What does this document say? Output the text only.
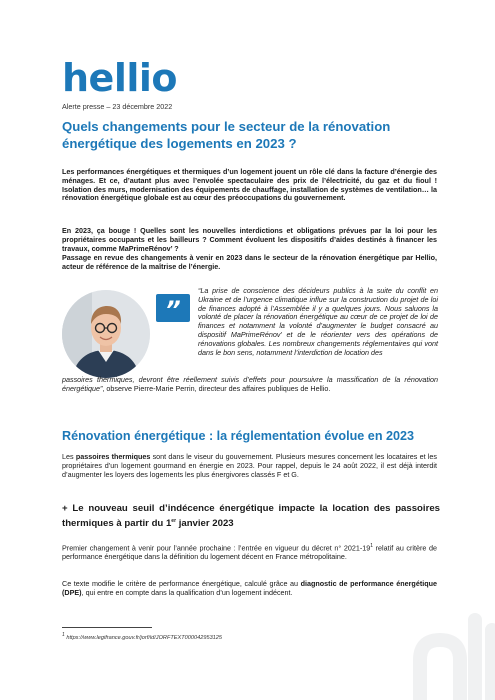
hellio
Alerte presse – 23 décembre 2022
Quels changements pour le secteur de la rénovation énergétique des logements en 2023 ?
Les performances énergétiques et thermiques d’un logement jouent un rôle clé dans la facture d’énergie des ménages. Et ce, d’autant plus avec l’envolée spectaculaire des prix de l’électricité, du gaz et du fioul ! Isolation des murs, modernisation des équipements de chauffage, installation de systèmes de ventilation… la rénovation énergétique globale est au cœur des préoccupations du gouvernement.
En 2023, ça bouge ! Quelles sont les nouvelles interdictions et obligations prévues par la loi pour les propriétaires occupants et les bailleurs ? Comment évoluent les dispositifs d’aides destinés à financer les travaux, comme MaPrimeRénov’ ?
Passage en revue des changements à venir en 2023 dans le secteur de la rénovation énergétique par Hellio, acteur de référence de la maîtrise de l’énergie.
”
“La prise de conscience des décideurs publics à la suite du conflit en Ukraine et de l’urgence climatique influe sur la construction du projet de loi de finances adopté à l’Assemblée il y a quelques jours. Nous saluons la volonté de placer la rénovation énergétique au cœur de ce projet de loi de finances et notamment la volonté d’augmenter le budget consacré au dispositif MaPrimeRénov’ et de le réorienter vers des opérations de rénovations globales. Les nombreux changements réglementaires qui vont dans le bon sens, notamment l’interdiction de location des
passoires thermiques, devront être réellement suivis d’effets pour poursuivre la massification de la rénovation énergétique”, observe Pierre-Marie Perrin, directeur des affaires publiques de Hellio.
Rénovation énergétique : la réglementation évolue en 2023
Les passoires thermiques sont dans le viseur du gouvernement. Plusieurs mesures concernent les locataires et les propriétaires d’un logement gourmand en énergie en 2023. Pour rappel, depuis le 24 août 2022, il est déjà interdit d’augmenter les loyers des logements les plus énergivores classés F et G.
+ Le nouveau seuil d’indécence énergétique impacte la location des passoires thermiques à partir du 1er janvier 2023
Premier changement à venir pour l’année prochaine : l’entrée en vigueur du décret n° $2021-19^1$ relatif au critère de performance énergétique dans la définition du logement décent en France métropolitaine.
Ce texte modifie le critère de performance énergétique, calculé grâce au diagnostic de performance énergétique (DPE), qui entre en compte dans la qualification d’un logement indécent.
1 https://www.legifrance.gouv.fr/jorf/id/JORFTEXT000042953125
